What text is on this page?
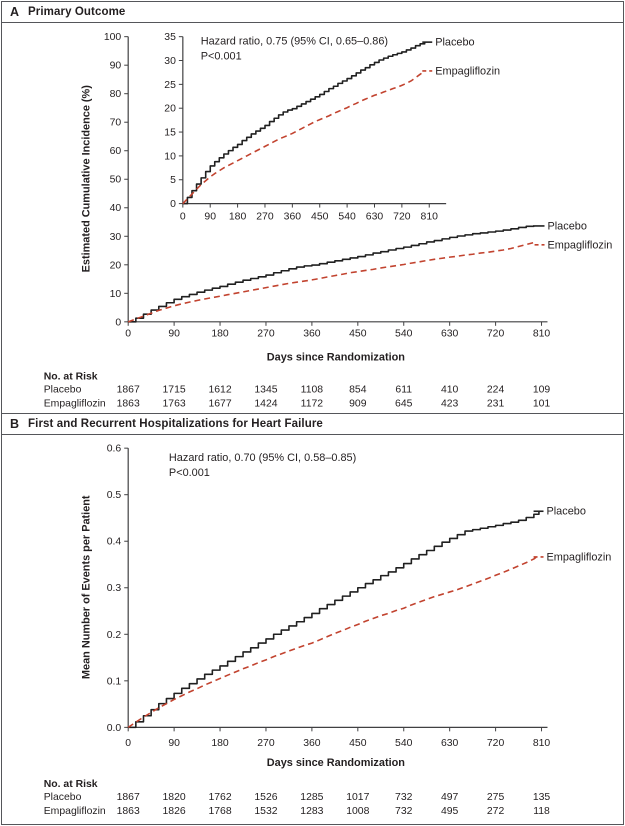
A Primary Outcome
0
10
20
30
40
50
60
70
80
90
100
0	90	180	270	360	450	540	630	720	810
Placebo
Empagliflozin
Estimated Cumulative Incidence (%)
Days since Randomization
Hazard ratio, 0.75 (95% CI, 0.65–0.86)
P<0.001
No. at Risk
Placebo	1867 1715 1612 1345 1108 854	611	410	224	109
Empagliflozin 1863 1763 1677 1424 1172 909	645	423	231	101
0
5
10
15
20
25
30
35
0 90 180 270 360 450 540 630 720 810
Placebo
Empagliflozin
B First and Recurrent Hospitalizations for Heart Failure
0.0
0.1
0.2
0.3
0.4
0.5
0.6
0	90	180	270	360	450	540	630	720	810
Placebo
Empagliflozin
Mean Number of Events per Patient
Days since Randomization
Hazard ratio, 0.70 (95% CI, 0.58–0.85)
P<0.001
No. at Risk
Placebo	1867 1820 1762 1526 1285 1017 732	497	275	135
Empagliflozin 1863 1826 1768 1532 1283 1008 732	495	272	118
